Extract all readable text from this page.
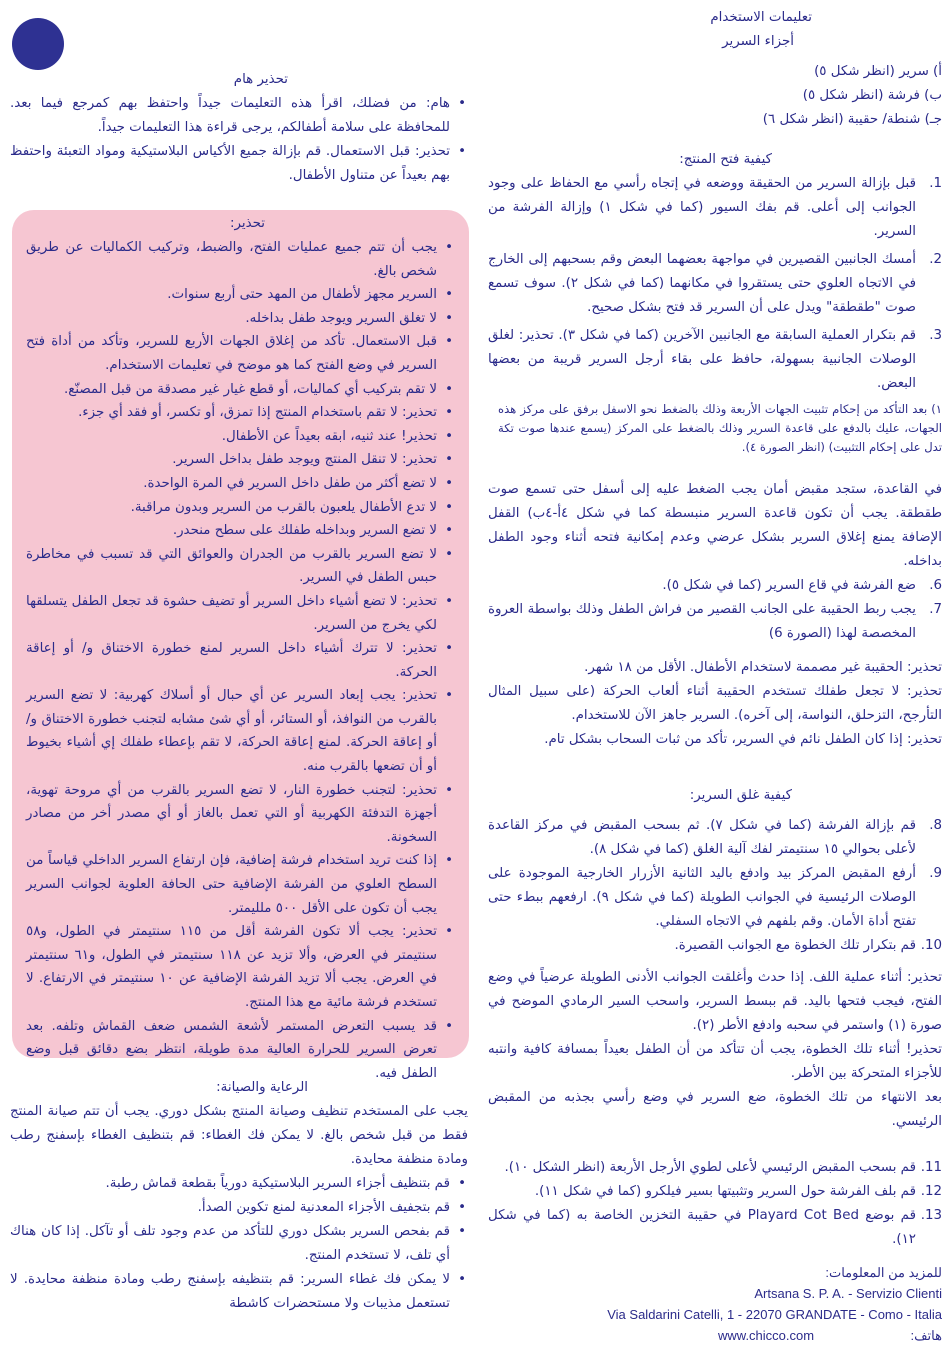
تعليمات الاستخدام
أجزاء السرير
أ) سرير (انظر شكل ٥)
ب) فرشة (انظر شكل ٥)
جـ) شنطة/ حقيبة (انظر شكل ٦)
كيفية فتح المنتج:
.1
قبل بإزالة السرير من الحقيقة ووضعه في إتجاه رأسي مع الحفاظ على وجود الجوانب إلى أعلى. قم بفك السيور (كما في شكل ١) وإزالة الفرشة من السرير.
.2
أمسك الجانبين القصيرين في مواجهة بعضهما البعض وقم بسحبهم إلى الخارج في الاتجاه العلوي حتى يستقروا في مكانهما (كما في شكل ٢). سوف تسمع صوت "طقطقة" ويدل على أن السرير قد فتح بشكل صحيح.
.3
قم بتكرار العملية السابقة مع الجانبين الآخرين (كما في شكل ٣). تحذير: لغلق الوصلات الجانبية بسهولة، حافظ على بقاء أرجل السرير قريبة من بعضها البعض.
١) بعد التأكد من إحكام تثبيت الجهات الأربعة وذلك بالضغط نحو الاسفل برفق على مركز هذه الجهات، عليك بالدفع على قاعدة السرير وذلك بالضغط على المركز (يسمع عندها صوت تكة تدل على إحكام التثبيت) (انظر الصورة ٤).
في القاعدة، ستجد مقبض أمان يجب الضغط عليه إلى أسفل حتى تسمع صوت طقطقة. يجب أن تكون قاعدة السرير منبسطة كما في شكل ٤أ-٤ب) القفل الإضافة يمنع إغلاق السرير بشكل عرضي وعدم إمكانية فتحه أثناء وجود الطفل بداخله.
.6
ضع الفرشة في قاع السرير (كما في شكل ٥).
.7
يجب ربط الحقيبة على الجانب القصير من فراش الطفل وذلك بواسطة العروة المخصصة لهذا (الصورة 6)
تحذير: الحقيبة غير مصممة لاستخدام الأطفال. الأقل من ١٨ شهر.
تحذير: لا تجعل طفلك تستخدم الحقيبة أثناء ألعاب الحركة (على سبيل المثال التأرجح، التزحلق، النواسة، إلى آخره). السرير جاهز الآن للاستخدام.
تحذير: إذا كان الطفل نائم في السرير، تأكد من ثبات السحاب بشكل تام.
كيفية غلق السرير:
.8
قم بإزالة الفرشة (كما في شكل ٧). ثم بسحب المقبض في مركز القاعدة لأعلى بحوالي ١٥ سنتيمتر لفك آلية الغلق (كما في شكل ٨).
.9
أرفع المقبض المركز بيد وادفع باليد الثانية الأزرار الخارجية الموجودة على الوصلات الرئيسية في الجوانب الطويلة (كما في شكل ٩). ارفعهم ببطء حتى تفتح أداة الأمان. وقم بلفهم في الاتجاه السفلي.
.10
قم بتكرار تلك الخطوة مع الجوانب القصيرة.
تحذير: أثناء عملية اللف. إذا حدث وأغلقت الجوانب الأدنى الطويلة عرضياً في وضع الفتح، فيجب فتحها باليد. قم ببسط السرير، واسحب السير الرمادي الموضح في صورة (١) واستمر في سحبه وادفع الأطر (٢).
تحذير! أثناء تلك الخطوة، يجب أن تتأكد من أن الطفل بعيداً بمسافة كافية وانتبه للأجزاء المتحركة بين الأطر.
بعد الانتهاء من تلك الخطوة، ضع السرير في وضع رأسي بجذبه من المقبض الرئيسي.
.11
قم بسحب المقبض الرئيسي لأعلى لطوي الأرجل الأربعة (انظر الشكل ١٠).
.12
قم بلف الفرشة حول السرير وتثبيتها بسير فيلكرو (كما في شكل ١١).
.13
قم بوضع Playard Cot Bed في حقيبة التخزين الخاصة به (كما في شكل ١٢).
للمزيد من المعلومات:
Artsana S. P. A. - Servizio Clienti
Via Saldarini Catelli, 1 - 22070 GRANDATE - Como - Italia
هاتف:
www.chicco.com
تحذير هام
• هام: من فضلك، اقرأ هذه التعليمات جيداً واحتفظ بهم كمرجع فيما بعد. للمحافظة على سلامة أطفالكم، يرجى قراءة هذا التعليمات جيداً.
• تحذير: قبل الاستعمال. قم بإزالة جميع الأكياس البلاستيكية ومواد التعبئة واحتفظ بهم بعيداً عن متناول الأطفال.
تحذير:
• يجب أن تتم جميع عمليات الفتح، والضبط، وتركيب الكماليات عن طريق شخص بالغ.
• السرير مجهز لأطفال من المهد حتى أربع سنوات.
• لا تغلق السرير ويوجد طفل بداخله.
• قبل الاستعمال. تأكد من إغلاق الجهات الأربع للسرير، وتأكد من أداة فتح السرير في وضع الفتح كما هو موضح في تعليمات الاستخدام.
• لا تقم بتركيب أي كماليات، أو قطع غيار غير مصدقة من قبل المصنّع.
• تحذير: لا تقم باستخدام المنتج إذا تمزق، أو تكسر، أو فقد أي جزء.
• تحذير! عند ثنيه، ابقه بعيداً عن الأطفال.
• تحذير: لا تنقل المنتج ويوجد طفل بداخل السرير.
• لا تضع أكثر من طفل داخل السرير في المرة الواحدة.
• لا تدع الأطفال يلعبون بالقرب من السرير وبدون مراقبة.
• لا تضع السرير وبداخله طفلك على سطح منحدر.
• لا تضع السرير بالقرب من الجدران والعوائق التي قد تسبب في مخاطرة حبس الطفل في السرير.
• تحذير: لا تضع أشياء داخل السرير أو تضيف حشوة قد تجعل الطفل يتسلقها لكي يخرج من السرير.
• تحذير: لا تترك أشياء داخل السرير لمنع خطورة الاختناق و/ أو إعاقة الحركة.
• تحذير: يجب إبعاد السرير عن أي حبال أو أسلاك كهربية: لا تضع السرير بالقرب من النوافذ، أو الستائر، أو أي شئ مشابه لتجنب خطورة الاختناق و/أو إعاقة الحركة. لمنع إعاقة الحركة، لا تقم بإعطاء طفلك إي أشياء بخيوط أو أن تضعها بالقرب منه.
• تحذير: لتجنب خطورة النار، لا تضع السرير بالقرب من أي مروحة تهوية، أجهزة التدفئة الكهربية أو التي تعمل بالغاز أو أي مصدر أخر من مصادر السخونة.
• إذا كنت تريد استخدام فرشة إضافية، فإن ارتفاع السرير الداخلي قياساً من السطح العلوي من الفرشة الإضافية حتى الحافة العلوية لجوانب السرير يجب أن تكون على الأقل ٥٠٠ ملليمتر.
• تحذير: يجب ألا تكون الفرشة أقل من ١١٥ سنتيمتر في الطول، و٥٨ سنتيمتر في العرض، وألا تزيد عن ١١٨ سنتيمتر في الطول، و٦١ سنتيمتر في العرض. يجب ألا تزيد الفرشة الإضافية عن ١٠ سنتيمتر في الارتفاع. لا تستخدم فرشة مائية مع هذا المنتج.
• قد يسبب التعرض المستمر لأشعة الشمس ضعف القماش وتلفه. بعد تعرض السرير للحرارة العالية مدة طويلة، انتظر بضع دقائق قبل وضع الطفل فيه.
الرعاية والصيانة:
يجب على المستخدم تنظيف وصيانة المنتج بشكل دوري. يجب أن تتم صيانة المنتج فقط من قبل شخص بالغ. لا يمكن فك الغطاء: قم بتنظيف الغطاء بإسفنج رطب ومادة منظفة محايدة.
• قم بتنظيف أجزاء السرير البلاستيكية دورياً بقطعة قماش رطبة.
• قم بتجفيف الأجزاء المعدنية لمنع تكوين الصدأ.
• قم بفحص السرير بشكل دوري للتأكد من عدم وجود تلف أو تآكل. إذا كان هناك أي تلف، لا تستخدم المنتج.
• لا يمكن فك غطاء السرير: قم بتنظيفه بإسفنج رطب ومادة منظفة محايدة. لا تستعمل مذيبات ولا مستحضرات كاشطة
